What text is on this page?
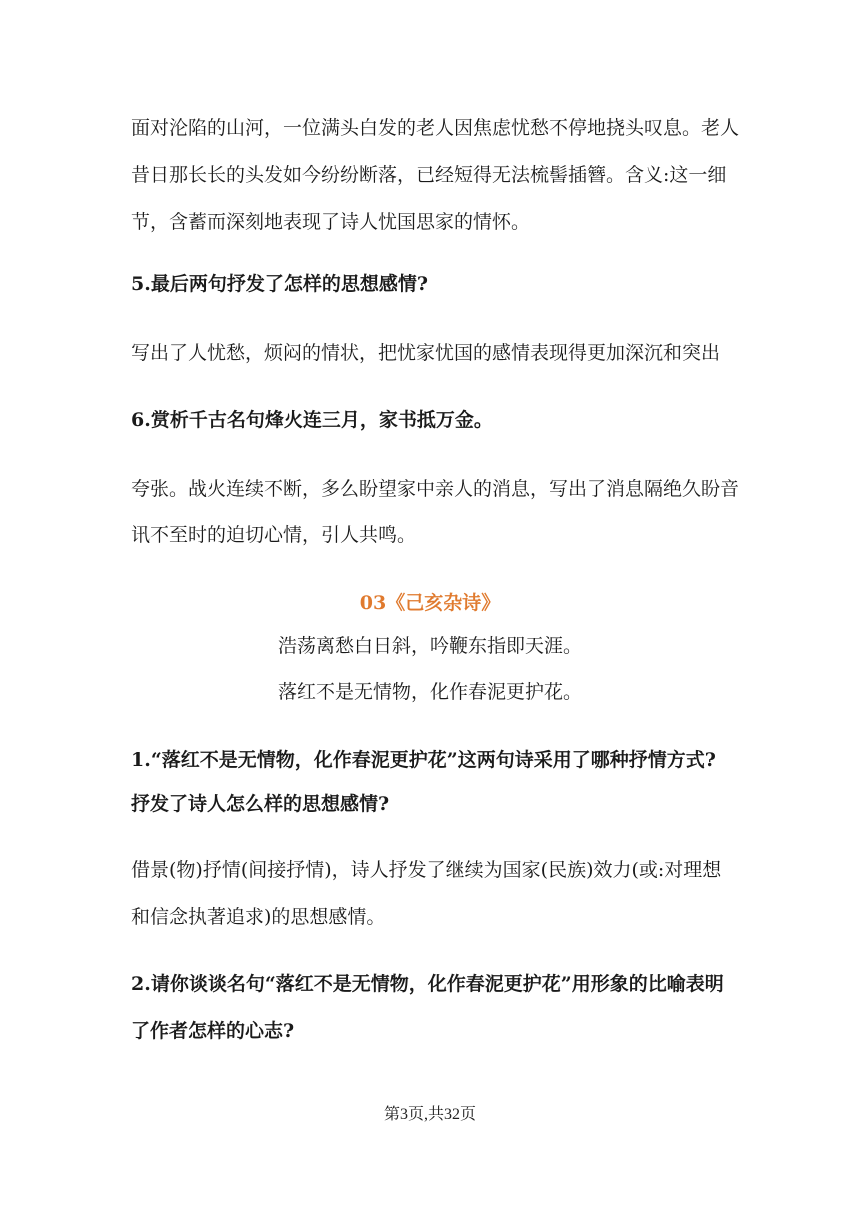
面对沦陷的山河，一位满头白发的老人因焦虑忧愁不停地挠头叹息。老人
昔日那长长的头发如今纷纷断落，已经短得无法梳髻插簪。含义:这一细
节，含蓄而深刻地表现了诗人忧国思家的情怀。
5.最后两句抒发了怎样的思想感情?
写出了人忧愁，烦闷的情状，把忧家忧国的感情表现得更加深沉和突出
6.赏析千古名句烽火连三月，家书抵万金。
夸张。战火连续不断，多么盼望家中亲人的消息，写出了消息隔绝久盼音
讯不至时的迫切心情，引人共鸣。
03《己亥杂诗》
浩荡离愁白日斜，吟鞭东指即天涯。
落红不是无情物，化作春泥更护花。
1.“落红不是无情物，化作春泥更护花”这两句诗采用了哪种抒情方式?
抒发了诗人怎么样的思想感情?
借景(物)抒情(间接抒情)，诗人抒发了继续为国家(民族)效力(或:对理想
和信念执著追求)的思想感情。
2.请你谈谈名句“落红不是无情物，化作春泥更护花”用形象的比喻表明
了作者怎样的心志?
第3页,共32页
